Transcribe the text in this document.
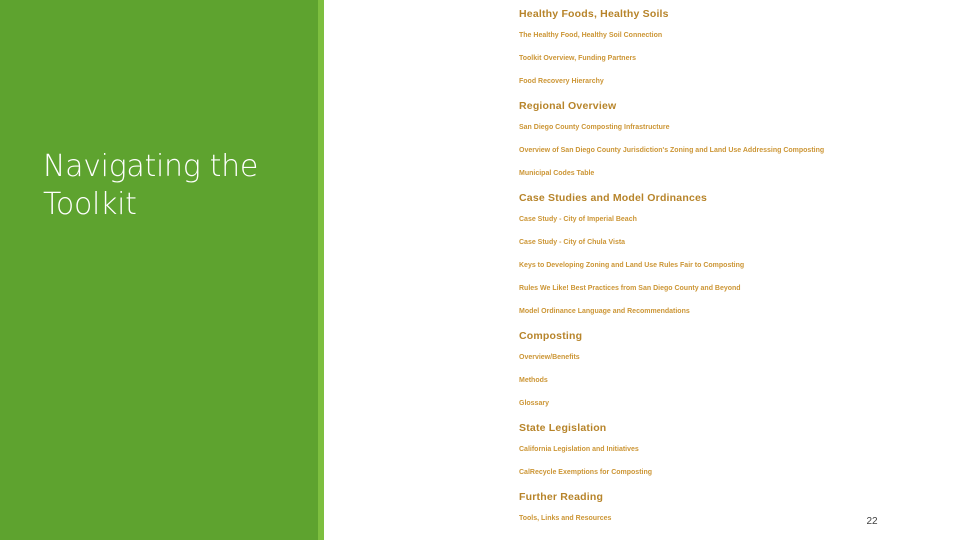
Navigating the
Toolkit
Healthy Foods, Healthy Soils
The Healthy Food, Healthy Soil Connection
Toolkit Overview, Funding Partners
Food Recovery Hierarchy
Regional Overview
San Diego County Composting Infrastructure
Overview of San Diego County Jurisdiction's Zoning and Land Use Addressing Composting
Municipal Codes Table
Case Studies and Model Ordinances
Case Study - City of Imperial Beach
Case Study - City of Chula Vista
Keys to Developing Zoning and Land Use Rules Fair to Composting
Rules We Like! Best Practices from San Diego County and Beyond
Model Ordinance Language and Recommendations
Composting
Overview/Benefits
Methods
Glossary
State Legislation
California Legislation and Initiatives
CalRecycle Exemptions for Composting
Further Reading
Tools, Links and Resources	22
